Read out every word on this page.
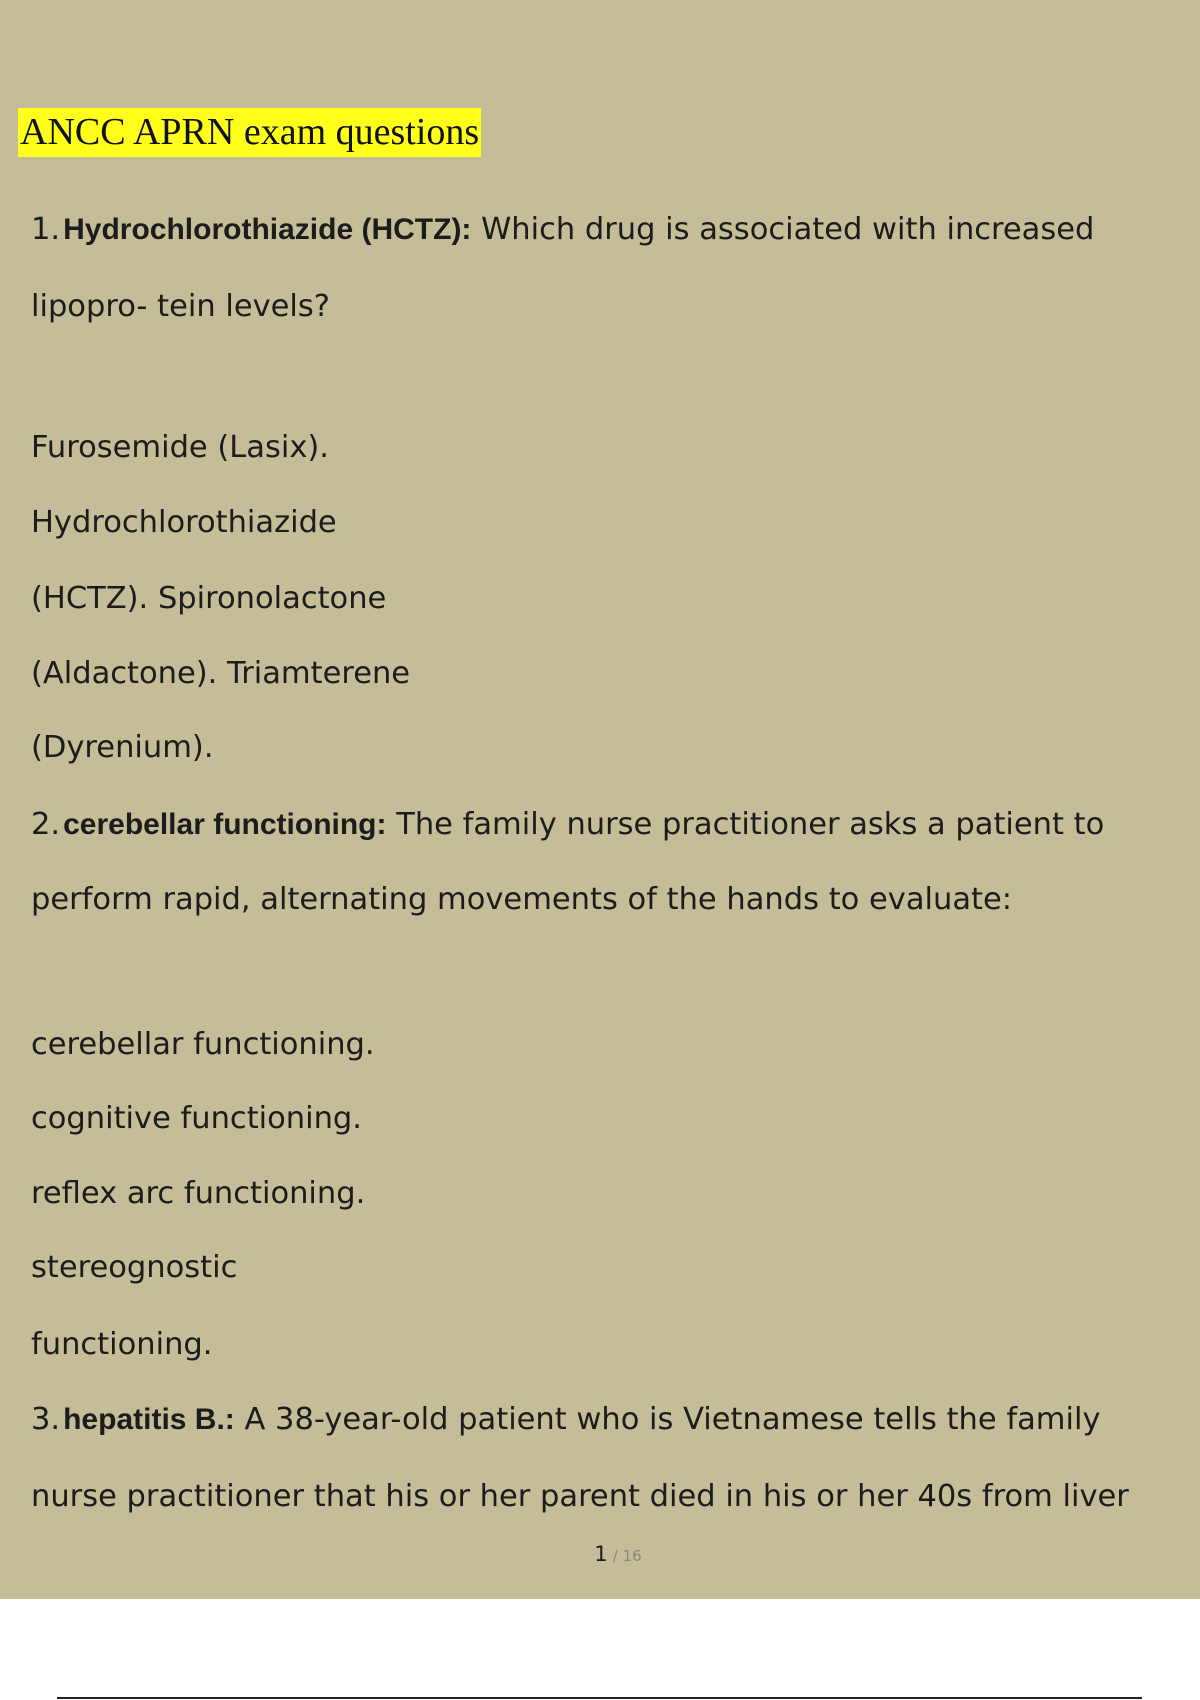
ANCC APRN exam questions
1. Hydrochlorothiazide (HCTZ): Which drug is associated with increased
lipopro- tein levels?
Furosemide (Lasix).
Hydrochlorothiazide
(HCTZ). Spironolactone
(Aldactone). Triamterene
(Dyrenium).
2. cerebellar functioning: The family nurse practitioner asks a patient to
perform rapid, alternating movements of the hands to evaluate:
cerebellar functioning.
cognitive functioning.
reflex arc functioning.
stereognostic
functioning.
3. hepatitis B.: A 38-year-old patient who is Vietnamese tells the family
nurse practitioner that his or her parent died in his or her 40s from liver
1 / 16
